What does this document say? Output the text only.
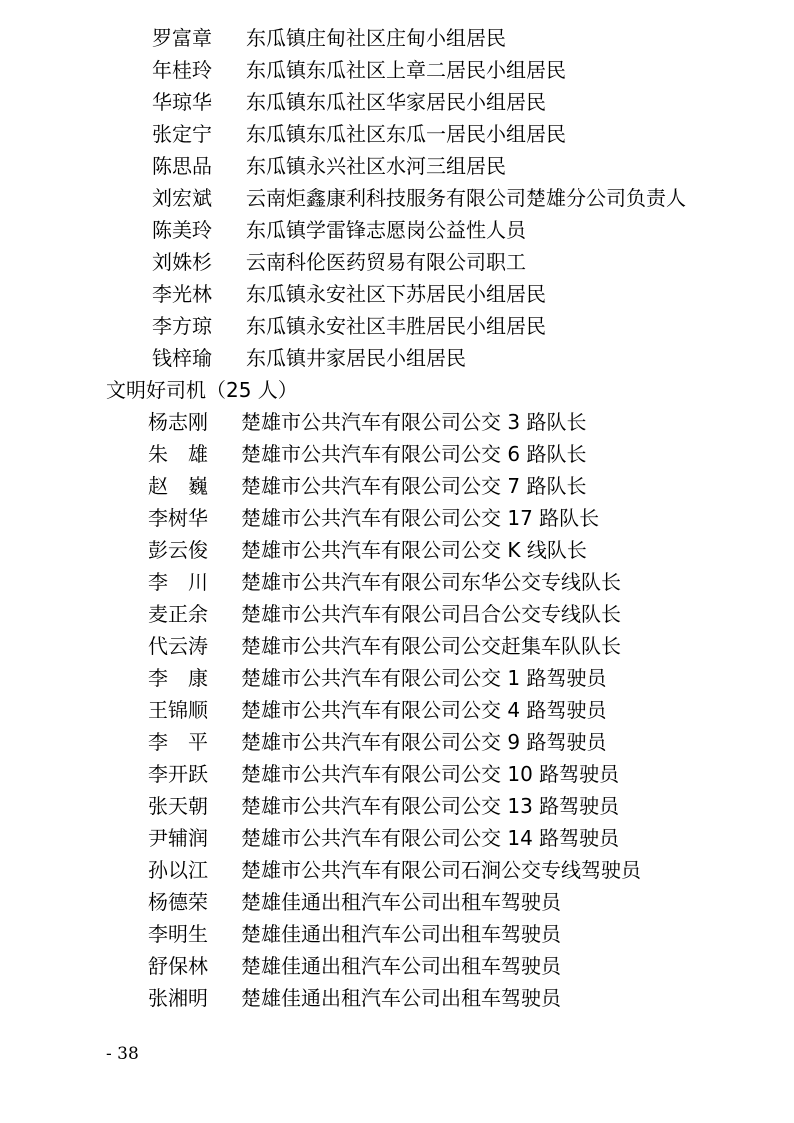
罗富章 东瓜镇庄甸社区庄甸小组居民
年桂玲 东瓜镇东瓜社区上章二居民小组居民
华琼华 东瓜镇东瓜社区华家居民小组居民
张定宁 东瓜镇东瓜社区东瓜一居民小组居民
陈思品 东瓜镇永兴社区水河三组居民
刘宏斌 云南炬鑫康利科技服务有限公司楚雄分公司负责人
陈美玲 东瓜镇学雷锋志愿岗公益性人员
刘姝杉 云南科伦医药贸易有限公司职工
李光林 东瓜镇永安社区下苏居民小组居民
李方琼 东瓜镇永安社区丰胜居民小组居民
钱梓瑜 东瓜镇井家居民小组居民
文明好司机（25 人）
杨志刚 楚雄市公共汽车有限公司公交 3 路队长
朱　雄 楚雄市公共汽车有限公司公交 6 路队长
赵　巍 楚雄市公共汽车有限公司公交 7 路队长
李树华 楚雄市公共汽车有限公司公交 17 路队长
彭云俊 楚雄市公共汽车有限公司公交 K 线队长
李　川 楚雄市公共汽车有限公司东华公交专线队长
麦正余 楚雄市公共汽车有限公司吕合公交专线队长
代云涛 楚雄市公共汽车有限公司公交赶集车队队长
李　康 楚雄市公共汽车有限公司公交 1 路驾驶员
王锦顺 楚雄市公共汽车有限公司公交 4 路驾驶员
李　平 楚雄市公共汽车有限公司公交 9 路驾驶员
李开跃 楚雄市公共汽车有限公司公交 10 路驾驶员
张天朝 楚雄市公共汽车有限公司公交 13 路驾驶员
尹辅润 楚雄市公共汽车有限公司公交 14 路驾驶员
孙以江 楚雄市公共汽车有限公司石涧公交专线驾驶员
杨德荣 楚雄佳通出租汽车公司出租车驾驶员
李明生 楚雄佳通出租汽车公司出租车驾驶员
舒保林 楚雄佳通出租汽车公司出租车驾驶员
张湘明 楚雄佳通出租汽车公司出租车驾驶员
- 38
